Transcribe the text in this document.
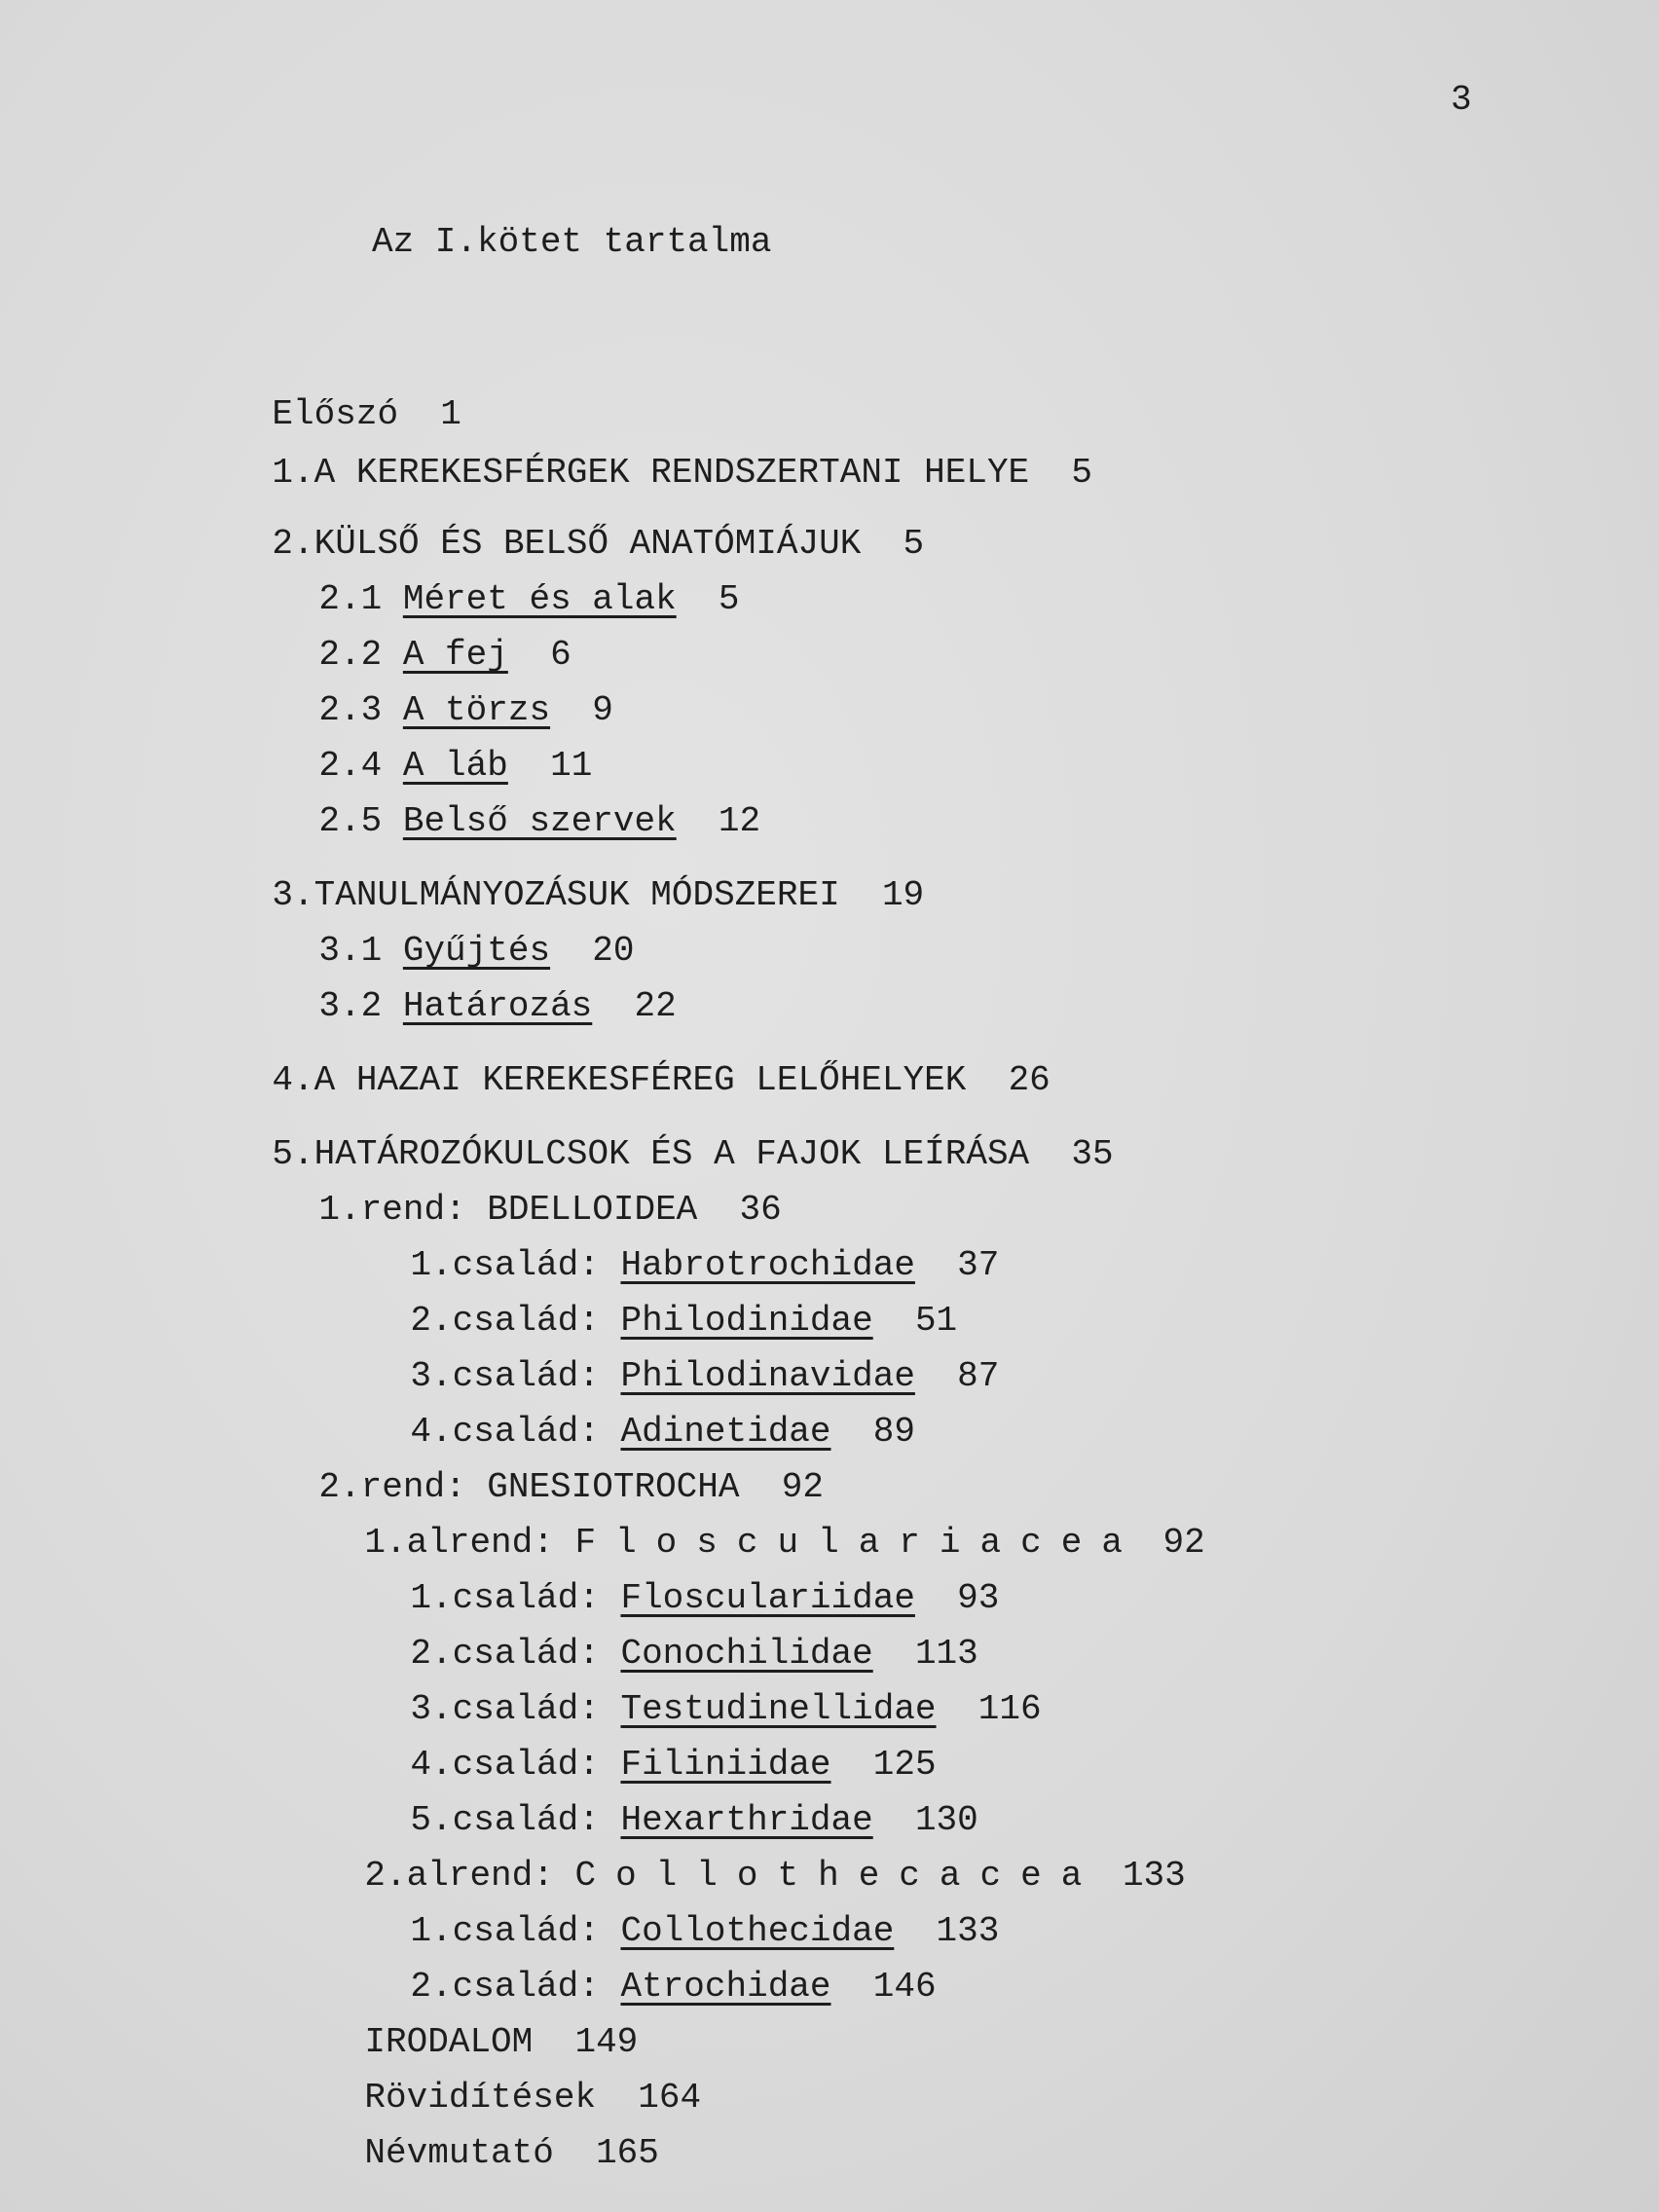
3
Az I.kötet tartalma

Előszó 1

1.A KEREKESFÉRGEK RENDSZERTANI HELYE 5

2.KÜLSŐ ÉS BELSŐ ANATÓMIÁJUK 5

2.1 Méret és alak 5

2.2 A fej 6

2.3 A törzs 9

2.4 A láb 11

2.5 Belső szervek 12

3.TANULMÁNYOZÁSUK MÓDSZEREI 19

3.1 Gyűjtés 20

3.2 Határozás 22

4.A HAZAI KEREKESFÉREG LELŐHELYEK 26

5.HATÁROZÓKULCSOK ÉS A FAJOK LEÍRÁSA 35

1.rend: BDELLOIDEA 36

1.család: Habrotrochidae 37

2.család: Philodinidae 51

3.család: Philodinavidae 87

4.család: Adinetidae 89

2.rend: GNESIOTROCHA 92

1.alrend: Flosculariacea 92

1.család: Flosculariidae 93

2.család: Conochilidae 113

3.család: Testudinellidae 116

4.család: Filiniidae 125

5.család: Hexarthridae 130

2.alrend: Collothecacea 133

1.család: Collothecidae 133

2.család: Atrochidae 146

IRODALOM 149

Rövidítések 164

Névmutató 165
